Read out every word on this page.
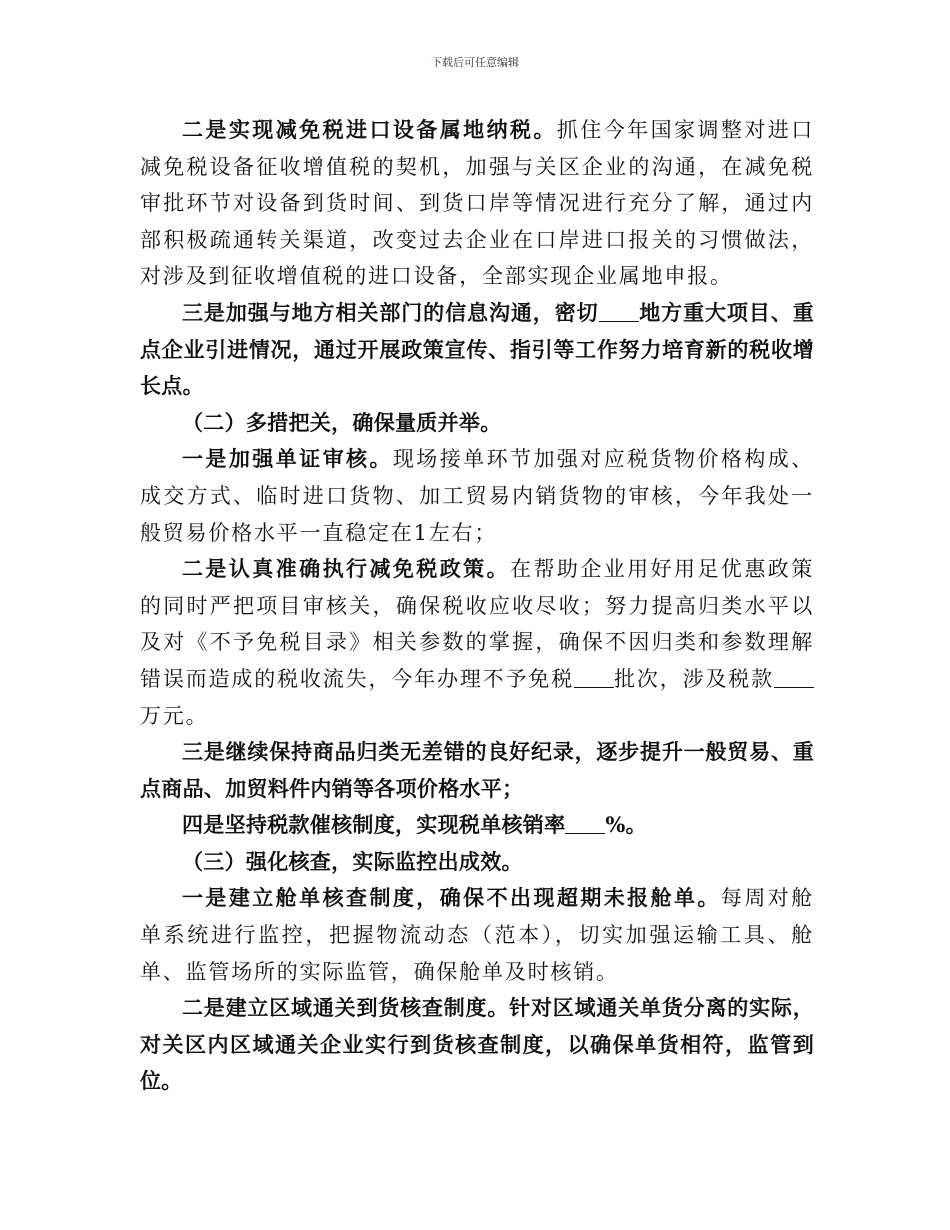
下载后可任意编辑

二是实现减免税进口设备属地纳税。抓住今年国家调整对进口减免税设备征收增值税的契机，加强与关区企业的沟通，在减免税审批环节对设备到货时间、到货口岸等情况进行充分了解，通过内部积极疏通转关渠道，改变过去企业在口岸进口报关的习惯做法，对涉及到征收增值税的进口设备，全部实现企业属地申报。

三是加强与地方相关部门的信息沟通，密切 地方重大项目、重点企业引进情况，通过开展政策宣传、指引等工作努力培育新的税收增长点。

（二）多措把关，确保量质并举。

一是加强单证审核。现场接单环节加强对应税货物价格构成、成交方式、临时进口货物、加工贸易内销货物的审核，今年我处一般贸易价格水平一直稳定在1左右；

二是认真准确执行减免税政策。在帮助企业用好用足优惠政策的同时严把项目审核关，确保税收应收尽收；努力提高归类水平以及对《不予免税目录》相关参数的掌握，确保不因归类和参数理解错误而造成的税收流失，今年办理不予免税 批次，涉及税款万元。

三是继续保持商品归类无差错的良好纪录，逐步提升一般贸易、重点商品、加贸料件内销等各项价格水平；

四是坚持税款催核制度，实现税单核销率 %。

（三）强化核查，实际监控出成效。

一是建立舱单核查制度，确保不出现超期未报舱单。每周对舱单系统进行监控，把握物流动态（范本），切实加强运输工具、舱单、监管场所的实际监管，确保舱单及时核销。

二是建立区域通关到货核查制度。针对区域通关单货分离的实际，对关区内区域通关企业实行到货核查制度，以确保单货相符，监管到位。
